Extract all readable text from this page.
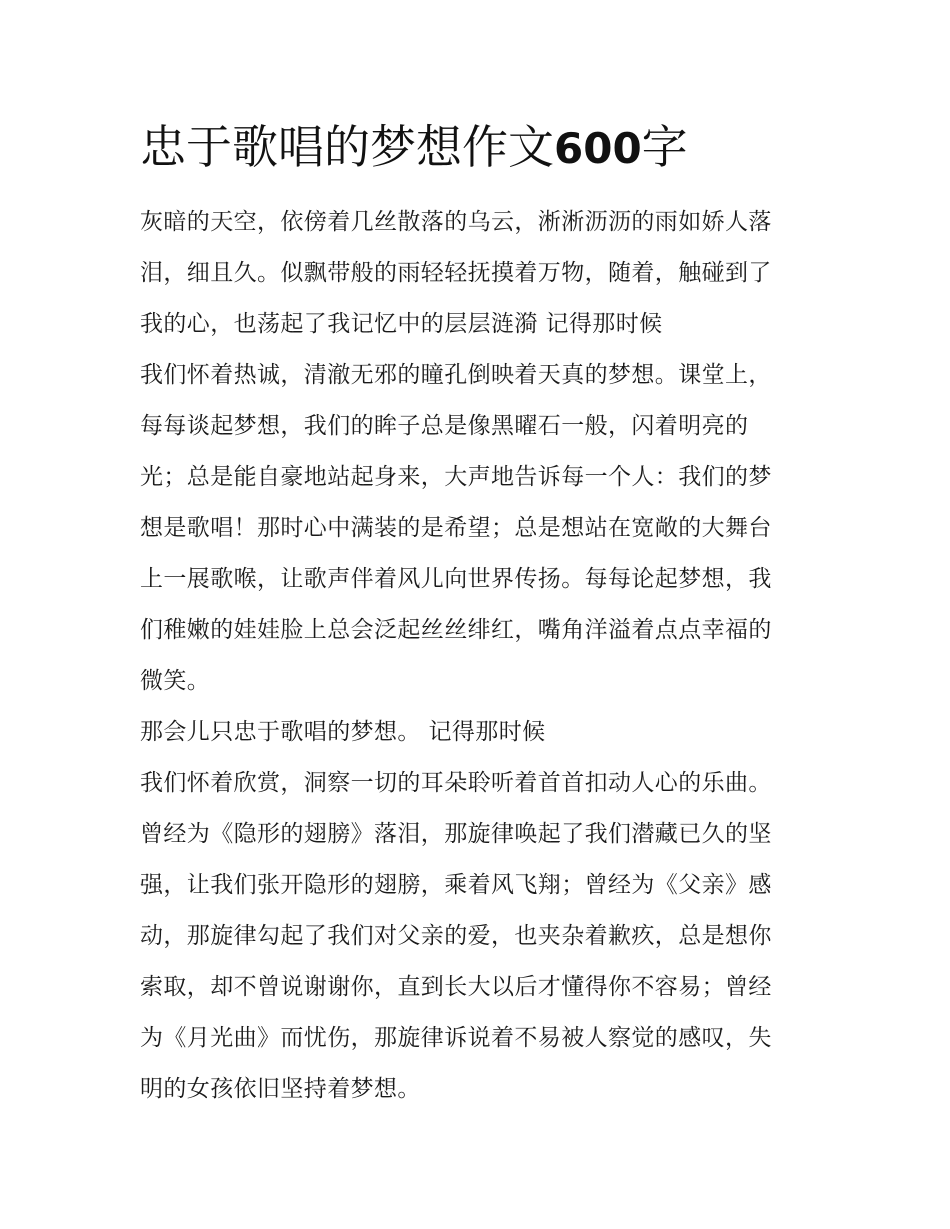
忠于歌唱的梦想作文600字
灰暗的天空，依傍着几丝散落的乌云，淅淅沥沥的雨如娇人落
泪，细且久。似飘带般的雨轻轻抚摸着万物，随着，触碰到了
我的心，也荡起了我记忆中的层层涟漪 记得那时候
我们怀着热诚，清澈无邪的瞳孔倒映着天真的梦想。课堂上，
每每谈起梦想，我们的眸子总是像黑曜石一般，闪着明亮的
光；总是能自豪地站起身来，大声地告诉每一个人：我们的梦
想是歌唱！那时心中满装的是希望；总是想站在宽敞的大舞台
上一展歌喉，让歌声伴着风儿向世界传扬。每每论起梦想，我
们稚嫩的娃娃脸上总会泛起丝丝绯红，嘴角洋溢着点点幸福的
微笑。
那会儿只忠于歌唱的梦想。 记得那时候
我们怀着欣赏，洞察一切的耳朵聆听着首首扣动人心的乐曲。
曾经为《隐形的翅膀》落泪，那旋律唤起了我们潜藏已久的坚
强，让我们张开隐形的翅膀，乘着风飞翔；曾经为《父亲》感
动，那旋律勾起了我们对父亲的爱，也夹杂着歉疚，总是想你
索取，却不曾说谢谢你，直到长大以后才懂得你不容易；曾经
为《月光曲》而忧伤，那旋律诉说着不易被人察觉的感叹，失
明的女孩依旧坚持着梦想。
